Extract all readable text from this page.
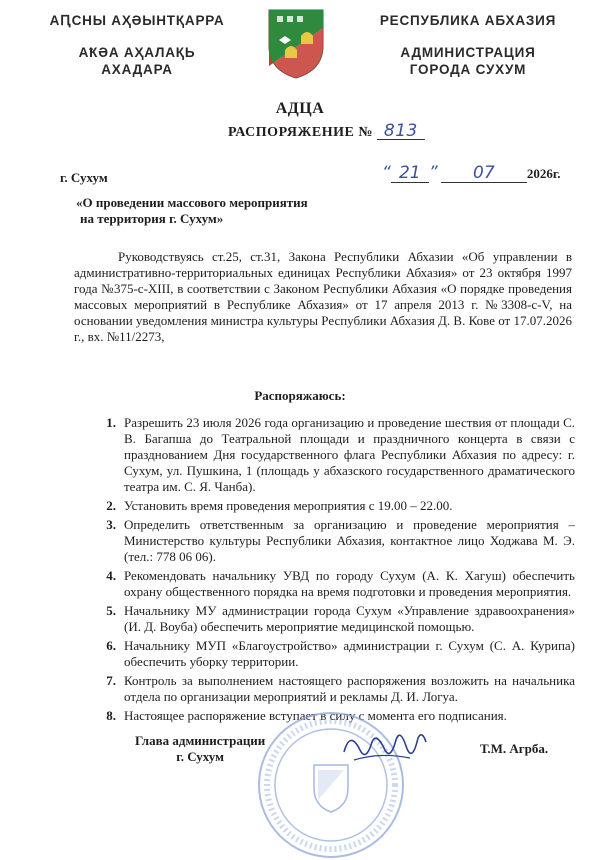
АԤСНЫ АҲӘЫНТҚАРРА
АҞӘА АҲАЛАҚЬ
АХАДАРА
РЕСПУБЛИКА АБХАЗИЯ
АДМИНИСТРАЦИЯ
ГОРОДА СУХУМ
АДЦА
РАСПОРЯЖЕНИЕ № 813
г. Сухум	“ 21 ” 07 2026г.
«О проведении массового мероприятия
на территория г. Сухум»
Руководствуясь ст.25, ст.31, Закона Республики Абхазии «Об управлении в административно-территориальных единицах Республики Абхазия» от 23 октября 1997 года №375-с-XIII, в соответствии с Законом Республики Абхазия «О порядке проведения массовых мероприятий в Республике Абхазия» от 17 апреля 2013 г. №3308-с-V, на основании уведомления министра культуры Республики Абхазия Д. В. Кове от 17.07.2026 г., вх. №11/2273,
Распоряжаюсь:
1. Разрешить 23 июля 2026 года организацию и проведение шествия от площади С. В. Багапша до Театральной площади и праздничного концерта в связи с празднованием Дня государственного флага Республики Абхазия по адресу: г. Сухум, ул. Пушкина, 1 (площадь у абхазского государственного драматического театра им. С. Я. Чанба).
2. Установить время проведения мероприятия с 19.00 – 22.00.
3. Определить ответственным за организацию и проведение мероприятия – Министерство культуры Республики Абхазия, контактное лицо Ходжава М. Э. (тел.: 778 06 06).
4. Рекомендовать начальнику УВД по городу Сухум (А. К. Хагуш) обеспечить охрану общественного порядка на время подготовки и проведения мероприятия.
5. Начальнику МУ администрации города Сухум «Управление здравоохранения» (И. Д. Воуба) обеспечить мероприятие медицинской помощью.
6. Начальнику МУП «Благоустройство» администрации г. Сухум (С. А. Курипа) обеспечить уборку территории.
7. Контроль за выполнением настоящего распоряжения возложить на начальника отдела по организации мероприятий и рекламы Д. И. Логуа.
8. Настоящее распоряжение вступает в силу с момента его подписания.
Глава администрации
г. Сухум
Т.М. Агрба.
